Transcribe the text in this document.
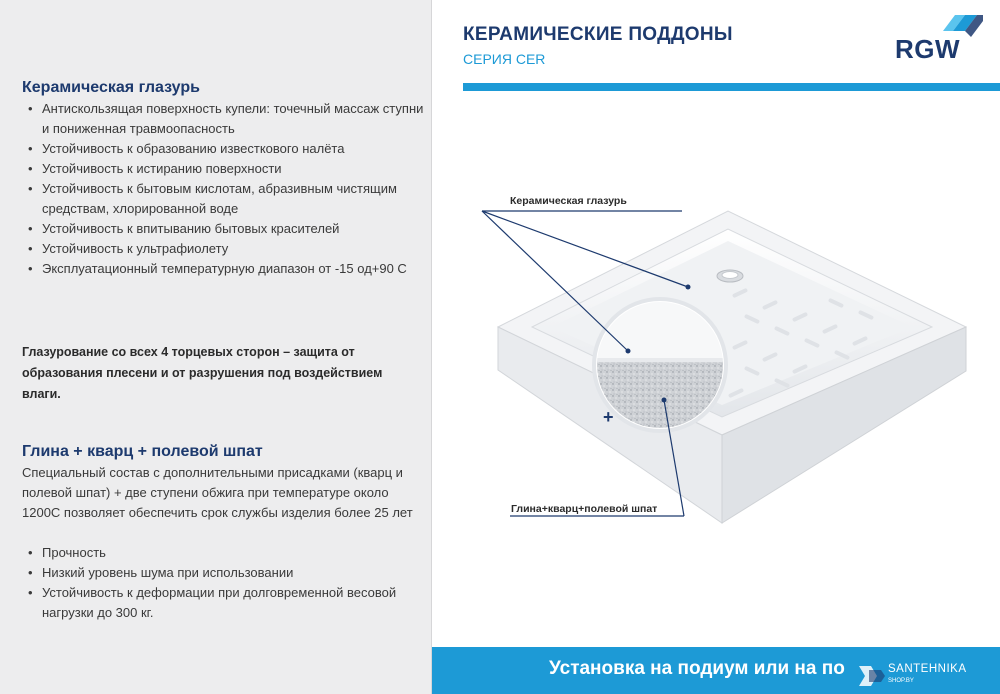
Керамическая глазурь
• Антискользящая поверхность купели: точечный массаж ступни и пониженная травмоопасность
• Устойчивость к образованию известкового налёта
• Устойчивость к истиранию поверхности
• Устойчивость к бытовым кислотам, абразивным чистящим средствам, хлорированной воде
• Устойчивость к впитыванию бытовых красителей
• Устойчивость к ультрафиолету
• Эксплуатационный температурную диапазон от -15 од+90 С
Глазурование со всех 4 торцевых сторон – защита от образования плесени и от разрушения под воздействием влаги.
Глина + кварц + полевой шпат
Специальный состав с дополнительными присадками (кварц и полевой шпат) + две ступени обжига при температуре около 1200С позволяет обеспечить срок службы изделия более 25 лет
• Прочность
• Низкий уровень шума при использовании
• Устойчивость к деформации при долговременной весовой нагрузки до 300 кг.
КЕРАМИЧЕСКИЕ ПОДДОНЫ
СЕРИЯ CER	RGW
Керамическая глазурь
Глина+кварц+полевой шпат
+
Установка на подиум или на по	SANTEHNIKA
SHOP.BY
